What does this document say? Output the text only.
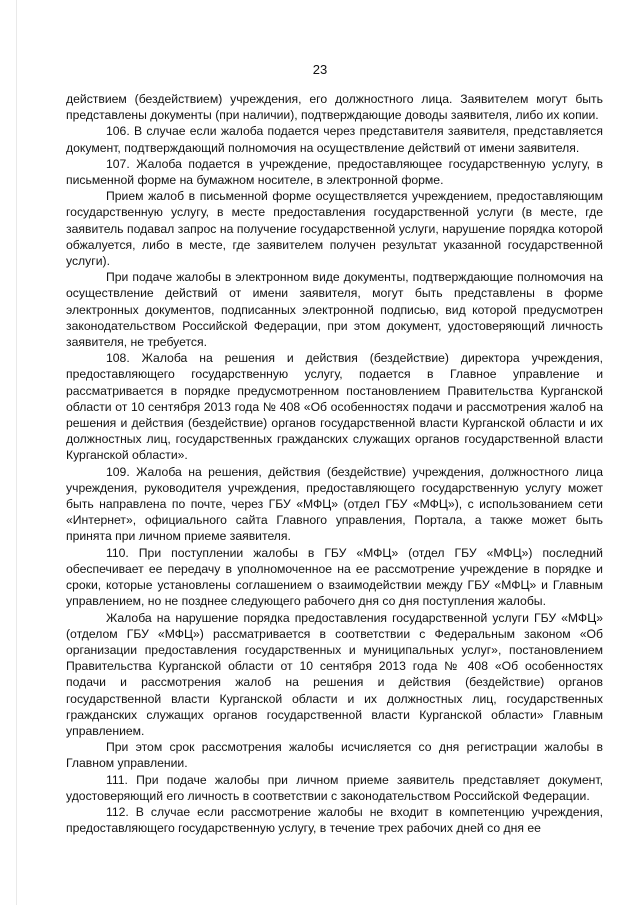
23

действием (бездействием) учреждения, его должностного лица. Заявителем могут быть представлены документы (при наличии), подтверждающие доводы заявителя, либо их копии.

106. В случае если жалоба подается через представителя заявителя, представляется документ, подтверждающий полномочия на осуществление действий от имени заявителя.

107. Жалоба подается в учреждение, предоставляющее государственную услугу, в письменной форме на бумажном носителе, в электронной форме.

Прием жалоб в письменной форме осуществляется учреждением, предоставляющим государственную услугу, в месте предоставления государственной услуги (в месте, где заявитель подавал запрос на получение государственной услуги, нарушение порядка которой обжалуется, либо в месте, где заявителем получен результат указанной государственной услуги).

При подаче жалобы в электронном виде документы, подтверждающие полномочия на осуществление действий от имени заявителя, могут быть представлены в форме электронных документов, подписанных электронной подписью, вид которой предусмотрен законодательством Российской Федерации, при этом документ, удостоверяющий личность заявителя, не требуется.

108. Жалоба на решения и действия (бездействие) директора учреждения, предоставляющего государственную услугу, подается в Главное управление и рассматривается в порядке предусмотренном постановлением Правительства Курганской области от 10 сентября 2013 года № 408 «Об особенностях подачи и рассмотрения жалоб на решения и действия (бездействие) органов государственной власти Курганской области и их должностных лиц, государственных гражданских служащих органов государственной власти Курганской области».

109. Жалоба на решения, действия (бездействие) учреждения, должностного лица учреждения, руководителя учреждения, предоставляющего государственную услугу может быть направлена по почте, через ГБУ «МФЦ» (отдел ГБУ «МФЦ»), с использованием сети «Интернет», официального сайта Главного управления, Портала, а также может быть принята при личном приеме заявителя.

110. При поступлении жалобы в ГБУ «МФЦ» (отдел ГБУ «МФЦ») последний обеспечивает ее передачу в уполномоченное на ее рассмотрение учреждение в порядке и сроки, которые установлены соглашением о взаимодействии между ГБУ «МФЦ» и Главным управлением, но не позднее следующего рабочего дня со дня поступления жалобы.

Жалоба на нарушение порядка предоставления государственной услуги ГБУ «МФЦ» (отделом ГБУ «МФЦ») рассматривается в соответствии с Федеральным законом «Об организации предоставления государственных и муниципальных услуг», постановлением Правительства Курганской области от 10 сентября 2013 года № 408 «Об особенностях подачи и рассмотрения жалоб на решения и действия (бездействие) органов государственной власти Курганской области и их должностных лиц, государственных гражданских служащих органов государственной власти Курганской области» Главным управлением.

При этом срок рассмотрения жалобы исчисляется со дня регистрации жалобы в Главном управлении.

111. При подаче жалобы при личном приеме заявитель представляет документ, удостоверяющий его личность в соответствии с законодательством Российской Федерации.

112. В случае если рассмотрение жалобы не входит в компетенцию учреждения, предоставляющего государственную услугу, в течение трех рабочих дней со дня ее
